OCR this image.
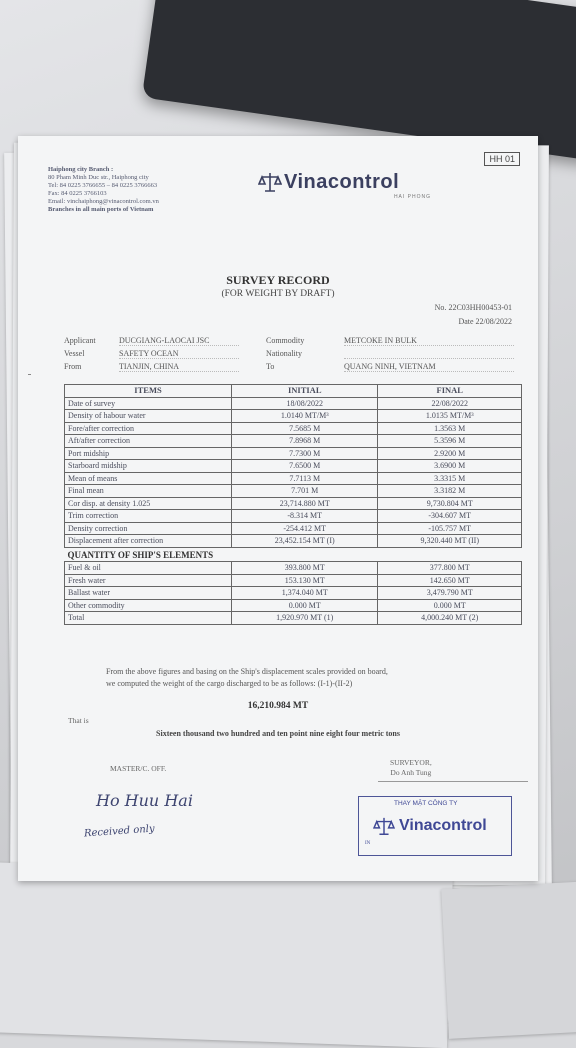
Haiphong city Branch :
80 Pham Minh Duc str., Haiphong city
Tel: 84 0225 3766655 – 84 0225 3766663
Fax: 84 0225 3766103
Email: vinchaiphong@vinacontrol.com.vn
Branches in all main ports of Vietnam
HH 01
Vinacontrol
HAI PHONG
SURVEY RECORD
(FOR WEIGHT BY DRAFT)
No. 22C03HH00453-01
Date 22/08/2022
Applicant	DUCGIANG-LAOCAI JSC	Commodity	METCOKE IN BULK
Vessel	SAFETY OCEAN	Nationality

From	TIANJIN, CHINA	To	QUANG NINH, VIETNAM
ITEMS	INITIAL	FINAL
Date of survey	18/08/2022	22/08/2022
Density of habour water	1.0140 MT/M³	1.0135 MT/M³
Fore/after correction	7.5685 M	1.3563 M
Aft/after correction	7.8968 M	5.3596 M
Port midship	7.7300 M	2.9200 M
Starboard midship	7.6500 M	3.6900 M
Mean of means	7.7113 M	3.3315 M
Final mean	7.701 M	3.3182 M
Cor disp. at density 1.025	23,714.880 MT	9,730.804 MT
Trim correction	-8.314 MT	-304.607 MT
Density correction	-254.412 MT	-105.757 MT
Displacement after correction	23,452.154 MT (I)	9,320.440 MT (II)
QUANTITY OF SHIP'S ELEMENTS		
Fuel & oil	393.800 MT	377.800 MT
Fresh water	153.130 MT	142.650 MT
Ballast water	1,374.040 MT	3,479.790 MT
Other commodity	0.000 MT	0.000 MT
Total	1,920.970 MT (1)	4,000.240 MT (2)
From the above figures and basing on the Ship's displacement scales provided on board,
we computed the weight of the cargo discharged to be as follows: (I-1)-(II-2)
16,210.984 MT
That is
Sixteen thousand two hundred and ten point nine eight four metric tons
MASTER/C. OFF.
SURVEYOR,
Do Anh Tung
Ho Huu Hai
Received only
THAY MẶT CÔNG TY
Vinacontrol
IN
